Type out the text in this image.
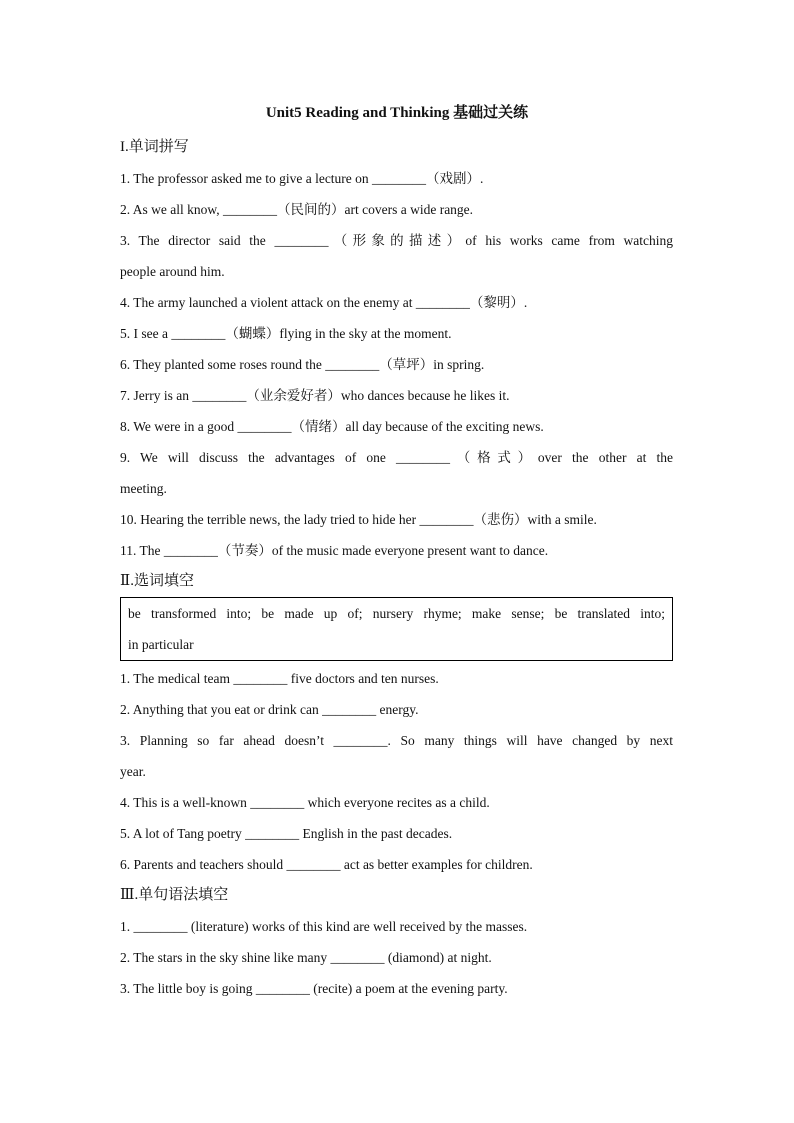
Unit5 Reading and Thinking 基础过关练
I.单词拼写
1. The professor asked me to give a lecture on ________（戏剧）.
2. As we all know, ________（民间的）art covers a wide range.
3. The director said the ________（形象的描述）of his works came from watching
people around him.
4. The army launched a violent attack on the enemy at ________（黎明）.
5. I see a ________（蝴蝶）flying in the sky at the moment.
6. They planted some roses round the ________（草坪）in spring.
7. Jerry is an ________（业余爱好者）who dances because he likes it.
8. We were in a good ________（情绪）all day because of the exciting news.
9. We will discuss the advantages of one ________（格式）over the other at the
meeting.
10. Hearing the terrible news, the lady tried to hide her ________（悲伤）with a smile.
11. The ________（节奏）of the music made everyone present want to dance.
Ⅱ.选词填空
be transformed into; be made up of; nursery rhyme; make sense; be translated into;
in particular
1. The medical team ________ five doctors and ten nurses.
2. Anything that you eat or drink can ________ energy.
3. Planning so far ahead doesn’t ________. So many things will have changed by next
year.
4. This is a well-known ________ which everyone recites as a child.
5. A lot of Tang poetry ________ English in the past decades.
6. Parents and teachers should ________ act as better examples for children.
Ⅲ.单句语法填空
1. ________ (literature) works of this kind are well received by the masses.
2. The stars in the sky shine like many ________ (diamond) at night.
3. The little boy is going ________ (recite) a poem at the evening party.
